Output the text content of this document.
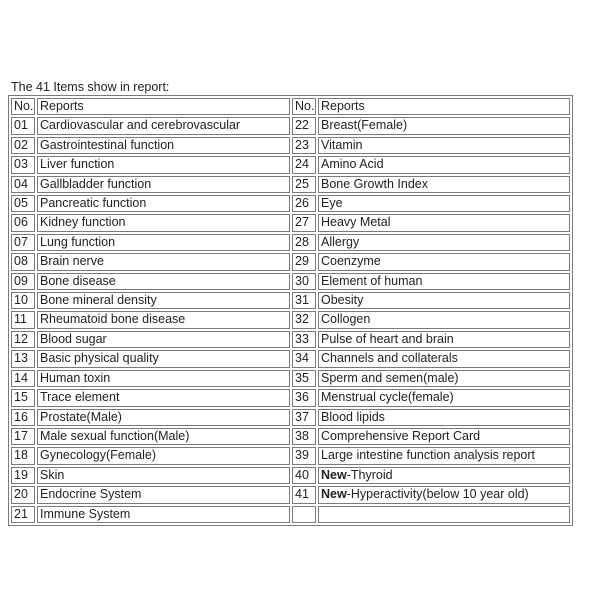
The 41 Items show in report:
No.	Reports	No.	Reports
01	Cardiovascular and cerebrovascular	22	Breast(Female)
02	Gastrointestinal function	23	Vitamin
03	Liver function	24	Amino Acid
04	Gallbladder function	25	Bone Growth Index
05	Pancreatic function	26	Eye
06	Kidney function	27	Heavy Metal
07	Lung function	28	Allergy
08	Brain nerve	29	Coenzyme
09	Bone disease	30	Element of human
10	Bone mineral density	31	Obesity
11	Rheumatoid bone disease	32	Collogen
12	Blood sugar	33	Pulse of heart and brain
13	Basic physical quality	34	Channels and collaterals
14	Human toxin	35	Sperm and semen(male)
15	Trace element	36	Menstrual cycle(female)
16	Prostate(Male)	37	Blood lipids
17	Male sexual function(Male)	38	Comprehensive Report Card
18	Gynecology(Female)	39	Large intestine function analysis report
19	Skin	40	New-Thyroid
20	Endocrine System	41	New-Hyperactivity(below 10 year old)
21	Immune System		
